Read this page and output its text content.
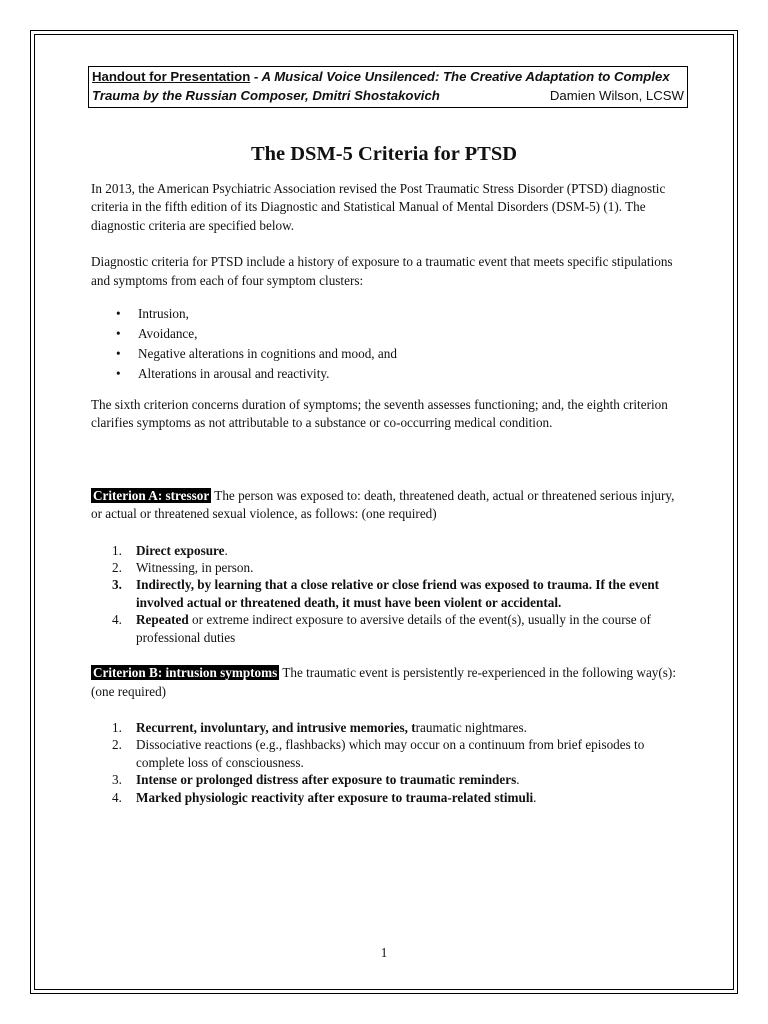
Handout for Presentation - A Musical Voice Unsilenced: The Creative Adaptation to Complex
Trauma by the Russian Composer, Dmitri Shostakovich	Damien Wilson, LCSW
The DSM-5 Criteria for PTSD

In 2013, the American Psychiatric Association revised the Post Traumatic Stress Disorder (PTSD) diagnostic criteria in the fifth edition of its Diagnostic and Statistical Manual of Mental Disorders (DSM-5) (1). The diagnostic criteria are specified below.

Diagnostic criteria for PTSD include a history of exposure to a traumatic event that meets specific stipulations and symptoms from each of four symptom clusters:

• Intrusion,
• Avoidance,
• Negative alterations in cognitions and mood, and
• Alterations in arousal and reactivity.

The sixth criterion concerns duration of symptoms; the seventh assesses functioning; and, the eighth criterion clarifies symptoms as not attributable to a substance or co-occurring medical condition.

Criterion A: stressor The person was exposed to: death, threatened death, actual or threatened serious injury, or actual or threatened sexual violence, as follows: (one required)

1. Direct exposure.
2. Witnessing, in person.
3. Indirectly, by learning that a close relative or close friend was exposed to trauma. If the event involved actual or threatened death, it must have been violent or accidental.
4. Repeated or extreme indirect exposure to aversive details of the event(s), usually in the course of professional duties

Criterion B: intrusion symptoms The traumatic event is persistently re-experienced in the following way(s): (one required)

1. Recurrent, involuntary, and intrusive memories, traumatic nightmares.
2. Dissociative reactions (e.g., flashbacks) which may occur on a continuum from brief episodes to complete loss of consciousness.
3. Intense or prolonged distress after exposure to traumatic reminders.
4. Marked physiologic reactivity after exposure to trauma-related stimuli.
1
